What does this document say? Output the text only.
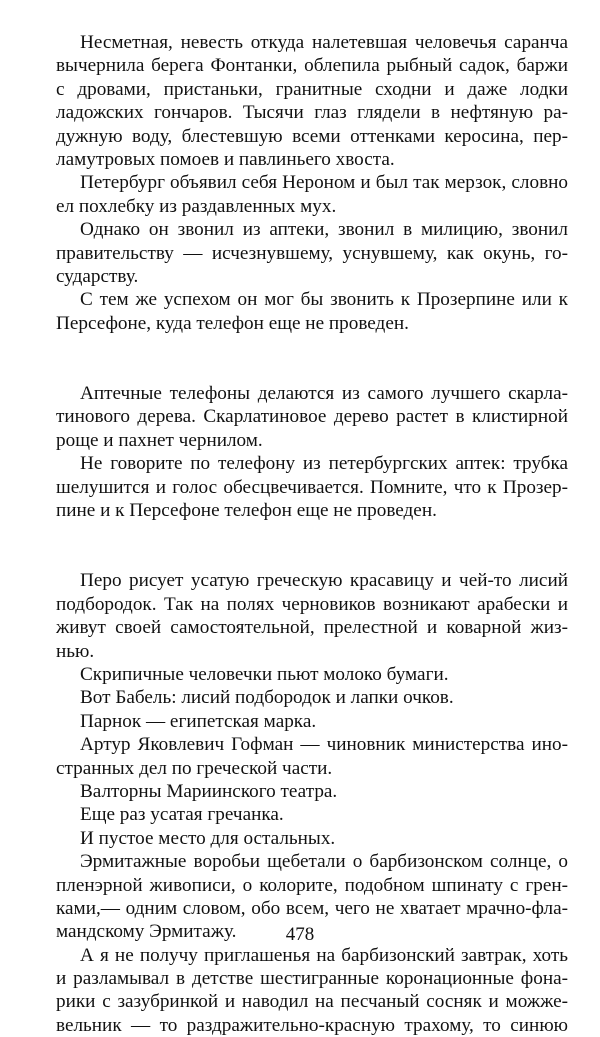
Несметная, невесть откуда налетевшая человечья саранча
вычернила берега Фонтанки, облепила рыбный садок, баржи
с дровами, пристаньки, гранитные сходни и даже лодки
ладожских гончаров. Тысячи глаз глядели в нефтяную ра-
дужную воду, блестевшую всеми оттенками керосина, пер-
ламутровых помоев и павлиньего хвоста.
Петербург объявил себя Нероном и был так мерзок, словно
ел похлебку из раздавленных мух.
Однако он звонил из аптеки, звонил в милицию, звонил
правительству — исчезнувшему, уснувшему, как окунь, го-
сударству.
С тем же успехом он мог бы звонить к Прозерпине или к
Персефоне, куда телефон еще не проведен.
Аптечные телефоны делаются из самого лучшего скарла-
тинового дерева. Скарлатиновое дерево растет в клистирной
роще и пахнет чернилом.
Не говорите по телефону из петербургских аптек: трубка
шелушится и голос обесцвечивается. Помните, что к Прозер-
пине и к Персефоне телефон еще не проведен.
Перо рисует усатую греческую красавицу и чей-то лисий
подбородок. Так на полях черновиков возникают арабески и
живут своей самостоятельной, прелестной и коварной жиз-
нью.
Скрипичные человечки пьют молоко бумаги.
Вот Бабель: лисий подбородок и лапки очков.
Парнок — египетская марка.
Артур Яковлевич Гофман — чиновник министерства ино-
странных дел по греческой части.
Валторны Мариинского театра.
Еще раз усатая гречанка.
И пустое место для остальных.
Эрмитажные воробьи щебетали о барбизонском солнце, о
пленэрной живописи, о колорите, подобном шпинату с грен-
ками,— одним словом, обо всем, чего не хватает мрачно-фла-
мандскому Эрмитажу.
А я не получу приглашенья на барбизонский завтрак, хоть
и разламывал в детстве шестигранные коронационные фона-
рики с зазубринкой и наводил на песчаный сосняк и можже-
вельник — то раздражительно-красную трахому, то синюю
478
